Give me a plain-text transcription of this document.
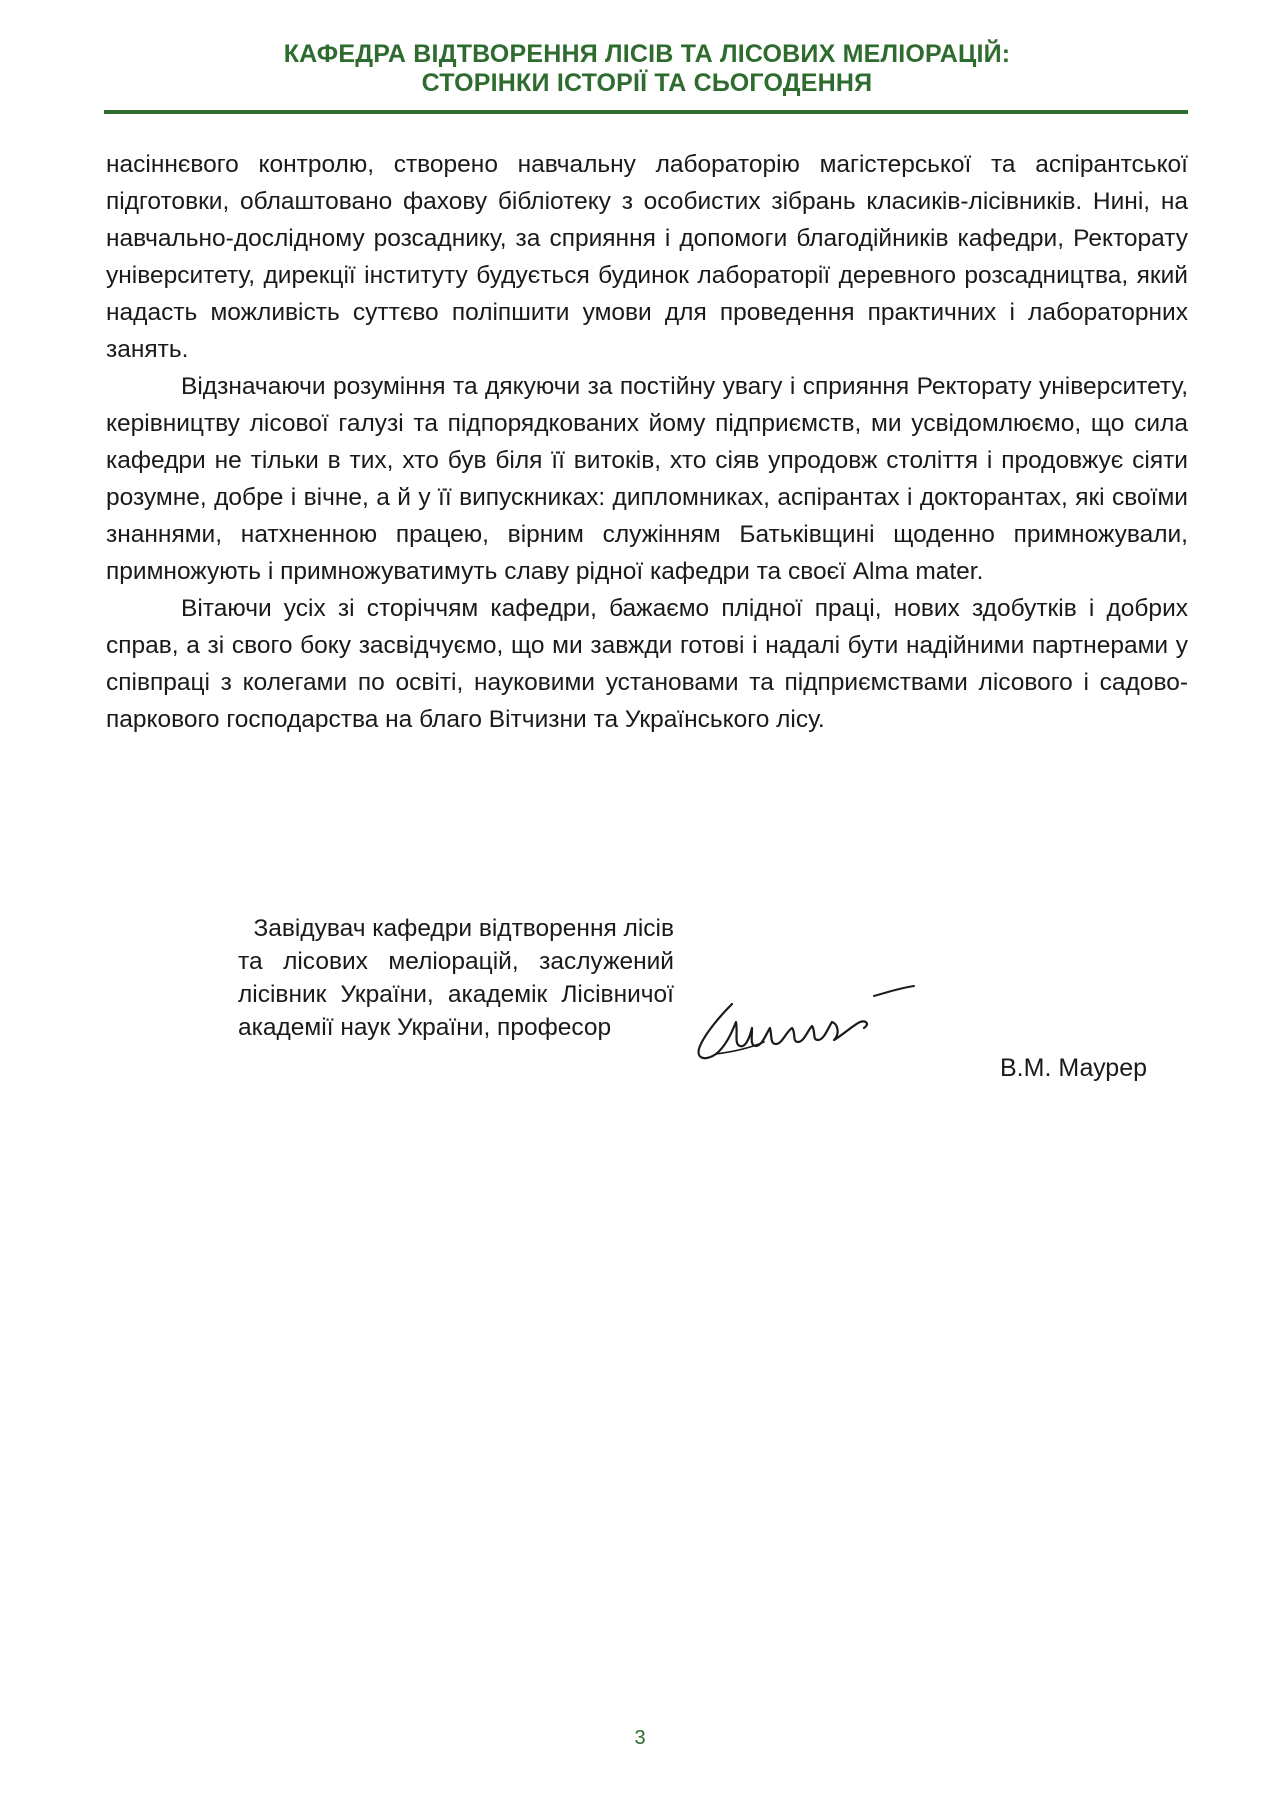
КАФЕДРА ВІДТВОРЕННЯ ЛІСІВ ТА ЛІСОВИХ МЕЛІОРАЦІЙ:
СТОРІНКИ ІСТОРІЇ ТА СЬОГОДЕННЯ

насіннєвого контролю, створено навчальну лабораторію магістерської та аспірантської підготовки, облаштовано фахову бібліотеку з особистих зібрань класиків-лісівників. Нині, на навчально-дослідному розсаднику, за сприяння і допомоги благодійників кафедри, Ректорату університету, дирекції інституту будується будинок лабораторії деревного розсадництва, який надасть можливість суттєво поліпшити умови для проведення практичних і лабораторних занять.

Відзначаючи розуміння та дякуючи за постійну увагу і сприяння Ректорату університету, керівництву лісової галузі та підпорядкованих йому підприємств, ми усвідомлюємо, що сила кафедри не тільки в тих, хто був біля її витоків, хто сіяв упродовж століття і продовжує сіяти розумне, добре і вічне, а й у її випускниках: дипломниках, аспірантах і докторантах, які своїми знаннями, натхненною працею, вірним служінням Батьківщині щоденно примножували, примножують і примножуватимуть славу рідної кафедри та своєї Alma mater.

Вітаючи усіх зі сторіччям кафедри, бажаємо плідної праці, нових здобутків і добрих справ, а зі свого боку засвідчуємо, що ми завжди готові і надалі бути надійними партнерами у співпраці з колегами по освіті, науковими установами та підприємствами лісового і садово-паркового господарства на благо Вітчизни та Українського лісу.

Завідувач кафедри відтворення лісів
та лісових меліорацій, заслужений
лісівник України, академік Лісівничої
академії наук України, професор
В.М. Маурер
3
